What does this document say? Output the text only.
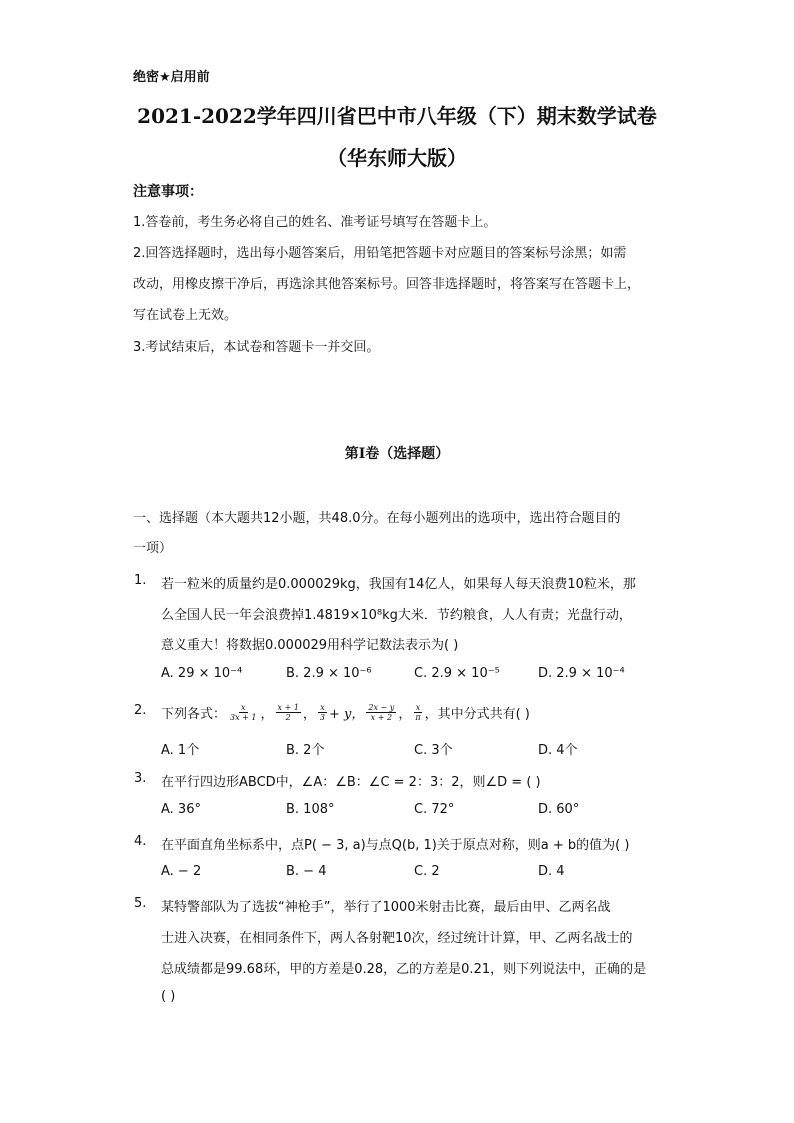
绝密★启用前
2021-2022学年四川省巴中市八年级（下）期末数学试卷
（华东师大版）
注意事项：
1.答卷前，考生务必将自己的姓名、准考证号填写在答题卡上。
2.回答选择题时，选出每小题答案后，用铅笔把答题卡对应题目的答案标号涂黑；如需
改动，用橡皮擦干净后，再选涂其他答案标号。回答非选择题时，将答案写在答题卡上，
写在试卷上无效。
3.考试结束后，本试卷和答题卡一并交回。
第Ⅰ卷（选择题）
一、选择题（本大题共12小题，共48.0分。在每小题列出的选项中，选出符合题目的
一项）
1. 若一粒米的质量约是0.000029kg，我国有14亿人，如果每人每天浪费10粒米，那
么全国人民一年会浪费掉1.4819×10⁸kg大米．节约粮食，人人有责；光盘行动，
意义重大！将数据0.000029用科学记数法表示为( )
A. 29 × 10⁻⁴	B. 2.9 × 10⁻⁶	C. 2.9 × 10⁻⁵	D. 2.9 × 10⁻⁴
2. 下列各式： $\frac{x}{3x + 1}$ ， $\frac{x + 1}{2}$ ， $\frac{x}{3} + y$， $\frac{2x - y}{x + 2}$ ， $\frac{x}{\pi}$ ，其中分式共有( )
A. 1个	B. 2个	C. 3个	D. 4个
3. 在平行四边形ABCD中，∠A：∠B：∠C = 2：3：2，则∠D = ( )
A. 36°	B. 108°	C. 72°	D. 60°
4. 在平面直角坐标系中，点P( − 3, a)与点Q(b, 1)关于原点对称，则a + b的值为( )
A. − 2	B. − 4	C. 2	D. 4
5. 某特警部队为了选拔“神枪手”，举行了1000米射击比赛，最后由甲、乙两名战
士进入决赛，在相同条件下，两人各射靶10次，经过统计计算，甲、乙两名战士的
总成绩都是99.68环，甲的方差是0.28，乙的方差是0.21，则下列说法中，正确的是
( )
